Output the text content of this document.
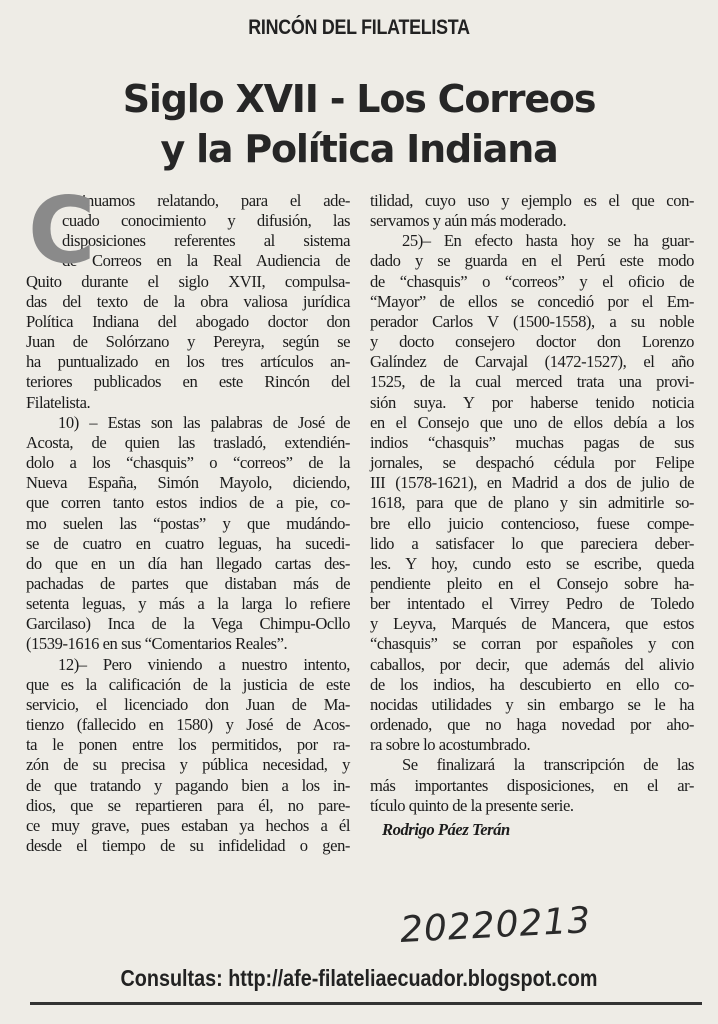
RINCÓN DEL FILATELISTA
Siglo XVII - Los Correos
y la Política Indiana
C
ontinuamos relatando, para el ade-
cuado conocimiento y difusión, las
disposiciones referentes al sistema
de Correos en la Real Audiencia de
Quito durante el siglo XVII, compulsa-
das del texto de la obra valiosa jurídica
Política Indiana del abogado doctor don
Juan de Solórzano y Pereyra, según se
ha puntualizado en los tres artículos an-
teriores publicados en este Rincón del
Filatelista.
10) – Estas son las palabras de José de
Acosta, de quien las trasladó, extendién-
dolo a los “chasquis” o “correos” de la
Nueva España, Simón Mayolo, diciendo,
que corren tanto estos indios de a pie, co-
mo suelen las “postas” y que mudándo-
se de cuatro en cuatro leguas, ha sucedi-
do que en un día han llegado cartas des-
pachadas de partes que distaban más de
setenta leguas, y más a la larga lo refiere
Garcilaso) Inca de la Vega Chimpu-Ocllo
(1539-1616 en sus “Comentarios Reales”.
12)– Pero viniendo a nuestro intento,
que es la calificación de la justicia de este
servicio, el licenciado don Juan de Ma-
tienzo (fallecido en 1580) y José de Acos-
ta le ponen entre los permitidos, por ra-
zón de su precisa y pública necesidad, y
de que tratando y pagando bien a los in-
dios, que se repartieren para él, no pare-
ce muy grave, pues estaban ya hechos a él
desde el tiempo de su infidelidad o gen-
tilidad, cuyo uso y ejemplo es el que con-
servamos y aún más moderado.
25)– En efecto hasta hoy se ha guar-
dado y se guarda en el Perú este modo
de “chasquis” o “correos” y el oficio de
“Mayor” de ellos se concedió por el Em-
perador Carlos V (1500-1558), a su noble
y docto consejero doctor don Lorenzo
Galíndez de Carvajal (1472-1527), el año
1525, de la cual merced trata una provi-
sión suya. Y por haberse tenido noticia
en el Consejo que uno de ellos debía a los
indios “chasquis” muchas pagas de sus
jornales, se despachó cédula por Felipe
III (1578-1621), en Madrid a dos de julio de
1618, para que de plano y sin admitirle so-
bre ello juicio contencioso, fuese compe-
lido a satisfacer lo que pareciera deber-
les. Y hoy, cundo esto se escribe, queda
pendiente pleito en el Consejo sobre ha-
ber intentado el Virrey Pedro de Toledo
y Leyva, Marqués de Mancera, que estos
“chasquis” se corran por españoles y con
caballos, por decir, que además del alivio
de los indios, ha descubierto en ello co-
nocidas utilidades y sin embargo se le ha
ordenado, que no haga novedad por aho-
ra sobre lo acostumbrado.
Se finalizará la transcripción de las
más importantes disposiciones, en el ar-
tículo quinto de la presente serie.
Rodrigo Páez Terán
20220213
Consultas: http://afe-filateliaecuador.blogspot.com
